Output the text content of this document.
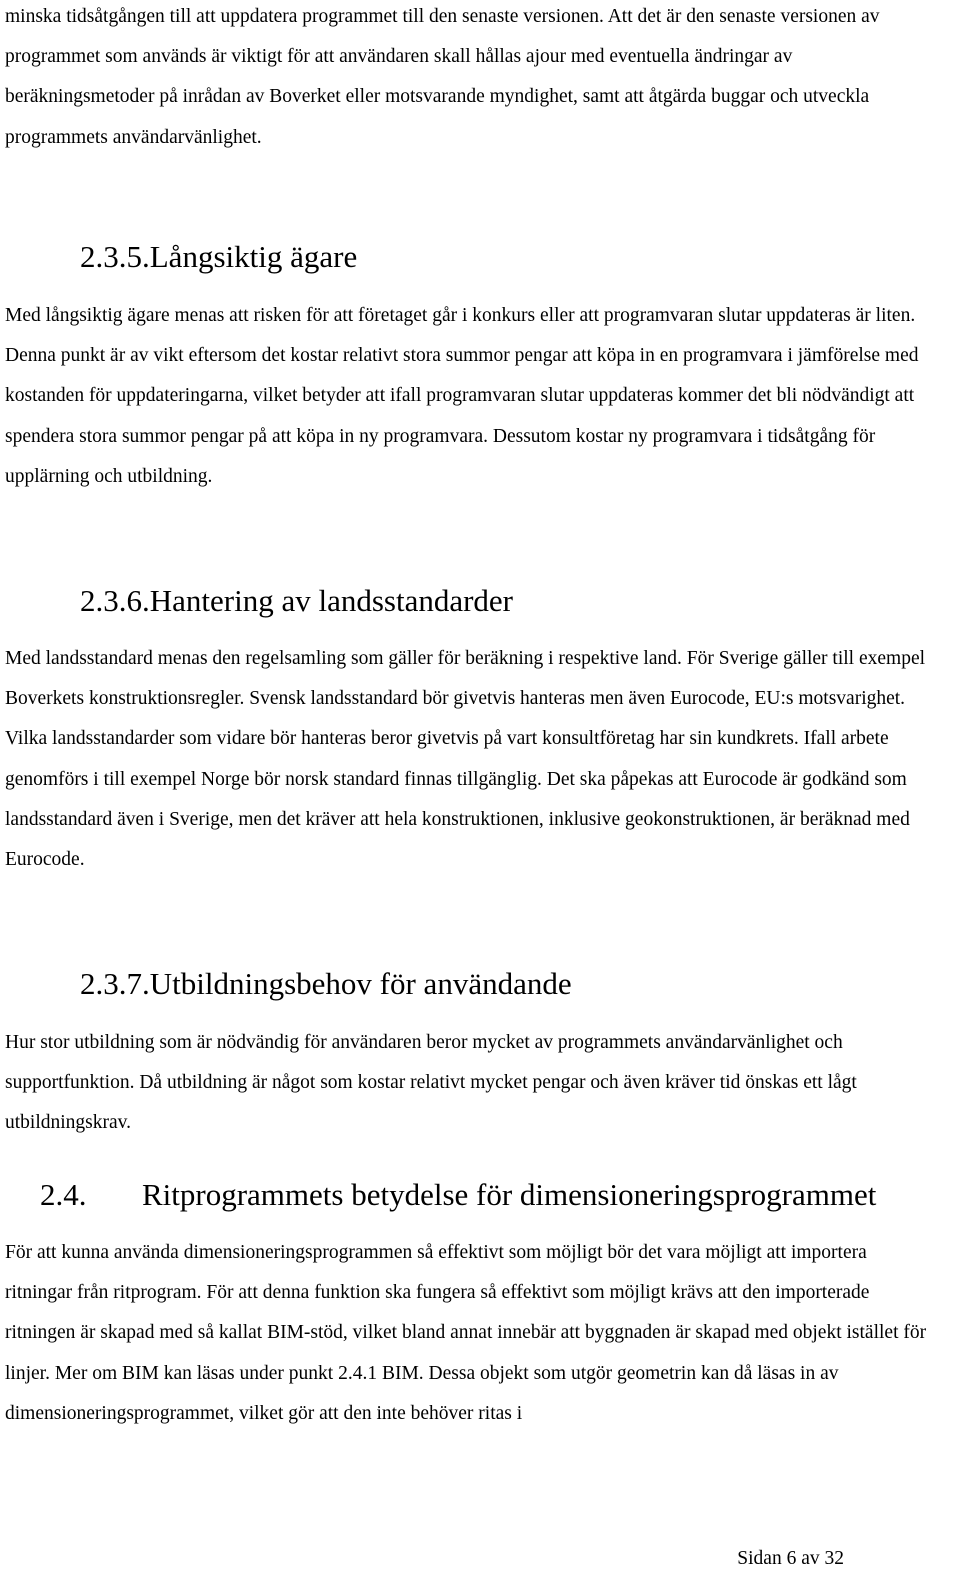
minska tidsåtgången till att uppdatera programmet till den senaste versionen. Att det är den senaste versionen av programmet som används är viktigt för att användaren skall hållas ajour med eventuella ändringar av beräkningsmetoder på inrådan av Boverket eller motsvarande myndighet, samt att åtgärda buggar och utveckla programmets användarvänlighet.

2.3.5.Långsiktig ägare

Med långsiktig ägare menas att risken för att företaget går i konkurs eller att programvaran slutar uppdateras är liten. Denna punkt är av vikt eftersom det kostar relativt stora summor pengar att köpa in en programvara i jämförelse med kostanden för uppdateringarna, vilket betyder att ifall programvaran slutar uppdateras kommer det bli nödvändigt att spendera stora summor pengar på att köpa in ny programvara. Dessutom kostar ny programvara i tidsåtgång för upplärning och utbildning.

2.3.6.Hantering av landsstandarder

Med landsstandard menas den regelsamling som gäller för beräkning i respektive land. För Sverige gäller till exempel Boverkets konstruktionsregler. Svensk landsstandard bör givetvis hanteras men även Eurocode, EU:s motsvarighet. Vilka landsstandarder som vidare bör hanteras beror givetvis på vart konsultföretag har sin kundkrets. Ifall arbete genomförs i till exempel Norge bör norsk standard finnas tillgänglig. Det ska påpekas att Eurocode är godkänd som landsstandard även i Sverige, men det kräver att hela konstruktionen, inklusive geokonstruktionen, är beräknad med Eurocode.

2.3.7.Utbildningsbehov för användande

Hur stor utbildning som är nödvändig för användaren beror mycket av programmets användarvänlighet och supportfunktion. Då utbildning är något som kostar relativt mycket pengar och även kräver tid önskas ett lågt utbildningskrav.

2.4. Ritprogrammets betydelse för dimensioneringsprogrammet

För att kunna använda dimensioneringsprogrammen så effektivt som möjligt bör det vara möjligt att importera ritningar från ritprogram. För att denna funktion ska fungera så effektivt som möjligt krävs att den importerade ritningen är skapad med så kallat BIM-stöd, vilket bland annat innebär att byggnaden är skapad med objekt istället för linjer. Mer om BIM kan läsas under punkt 2.4.1 BIM. Dessa objekt som utgör geometrin kan då läsas in av dimensioneringsprogrammet, vilket gör att den inte behöver ritas i

Sidan 6 av 32
